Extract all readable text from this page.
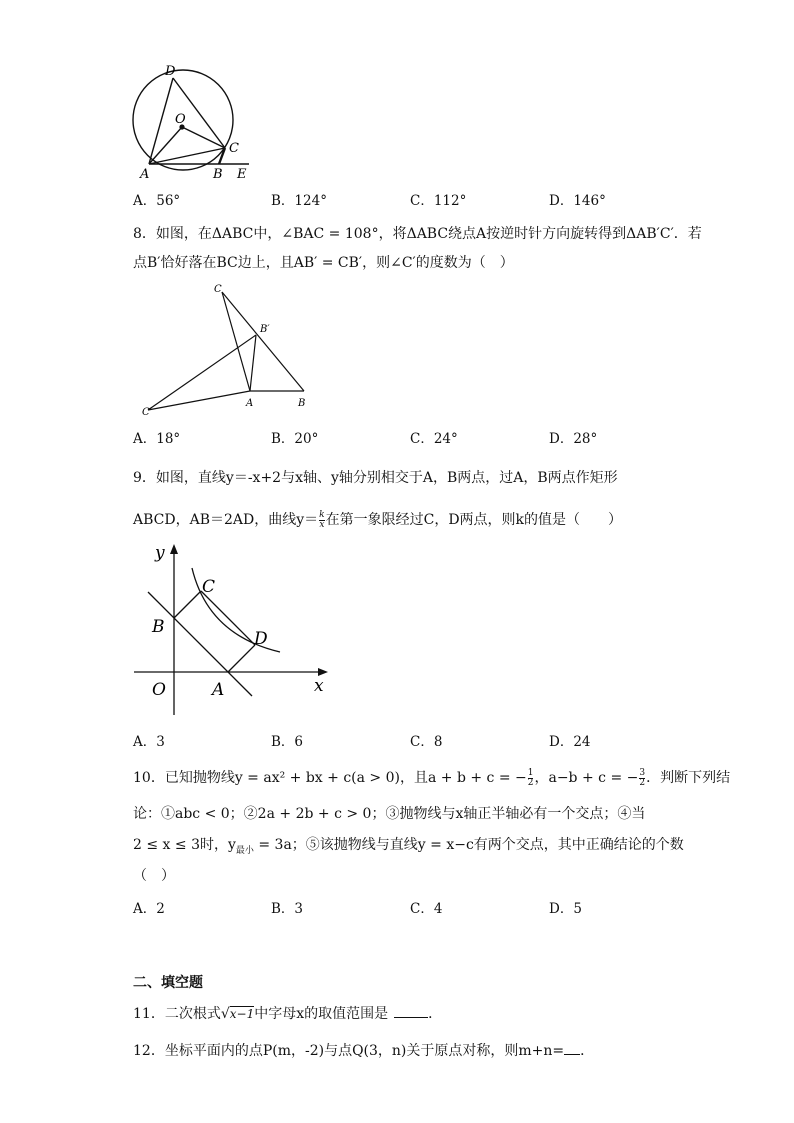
D
O
C
A	B E
A．56°	B．124°	C．112°	D．146°
8．如图，在ΔABC中，∠BAC = 108°，将ΔABC绕点A按逆时针方向旋转得到ΔAB′C′．若
点B′恰好落在BC边上，且AB′ = CB′，则∠C′的度数为（　）
C
B′
C′
A	B
A．18°	B．20°	C．24°	D．28°
9．如图，直线y＝-x+2与x轴、y轴分别相交于A，B两点，过A，B两点作矩形
ABCD，AB＝2AD，曲线$y= \frac{k}{x}$ 在第一象限经过C，D两点，则k的值是（　　）
y
C
B
D
O	A	x
A．3	B．6	C．8	D．24
10．已知抛物线y = ax² + bx + c(a > 0)，且a + b + c = − $\frac{1}{2}$ ，a−b + c = − $\frac{3}{2}$ ．判断下列结
论：①abc < 0；②2a + 2b + c > 0；③抛物线与x轴正半轴必有一个交点；④当
2 ≤ x ≤ 3时，$y_{最小} = 3a$；⑤该抛物线与直线y = x−c有两个交点，其中正确结论的个数
（　）
A．2	B．3	C．4	D．5
二、填空题
11．二次根式√x−1中字母x的取值范围是	．
12．坐标平面内的点P(m，-2)与点Q(3，n)关于原点对称，则m+n= ．
